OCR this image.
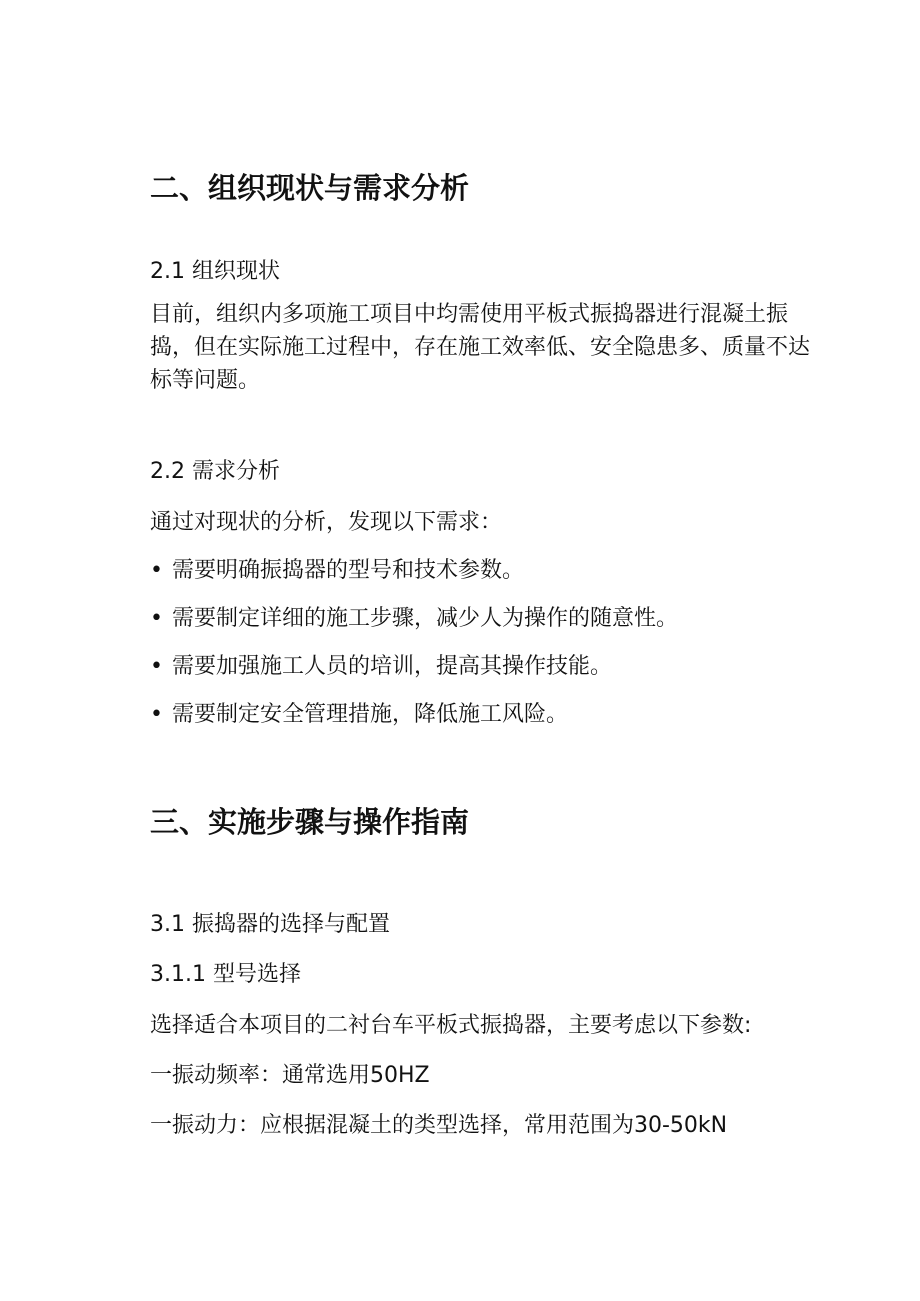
二、组织现状与需求分析
2.1 组织现状
目前，组织内多项施工项目中均需使用平板式振捣器进行混凝土振捣，但在实际施工过程中，存在施工效率低、安全隐患多、质量不达标等问题。
2.2 需求分析
通过对现状的分析，发现以下需求：
• 需要明确振捣器的型号和技术参数。
• 需要制定详细的施工步骤，减少人为操作的随意性。
• 需要加强施工人员的培训，提高其操作技能。
• 需要制定安全管理措施，降低施工风险。
三、实施步骤与操作指南
3.1 振捣器的选择与配置
3.1.1 型号选择
选择适合本项目的二衬台车平板式振捣器，主要考虑以下参数:
一振动频率：通常选用50HZ
一振动力：应根据混凝土的类型选择，常用范围为30-50kN
